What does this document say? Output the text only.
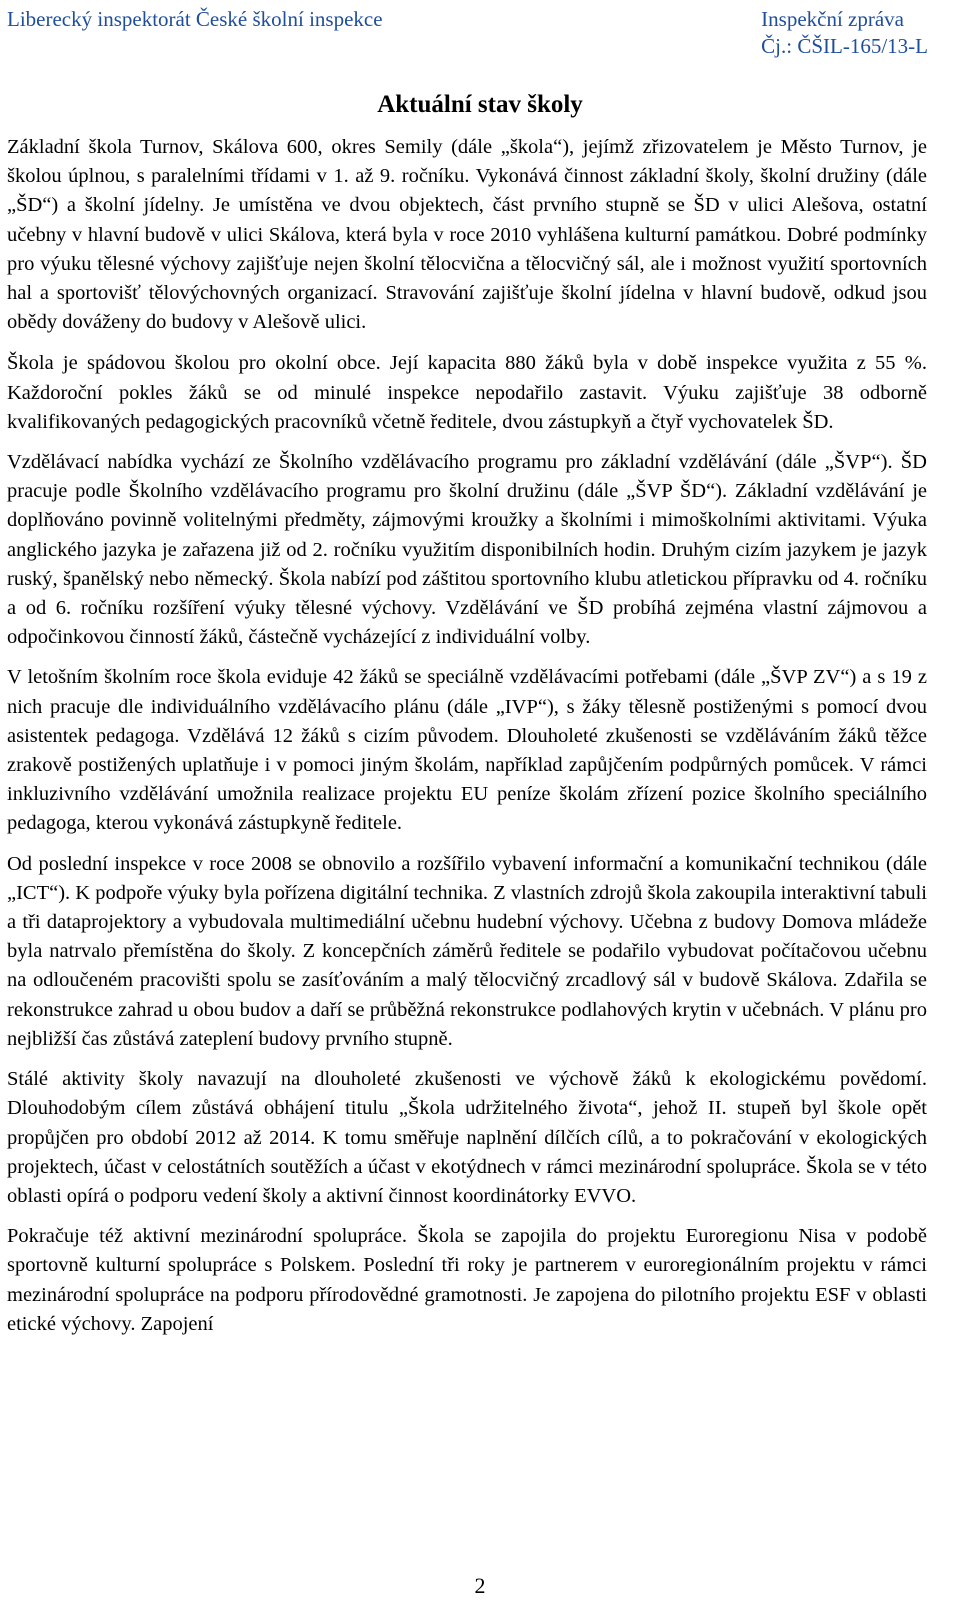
Liberecký inspektorát České školní inspekce	Inspekční zpráva
Čj.: ČŠIL-165/13-L
Aktuální stav školy

Základní škola Turnov, Skálova 600, okres Semily (dále „škola“), jejímž zřizovatelem je Město Turnov, je školou úplnou, s paralelními třídami v 1. až 9. ročníku. Vykonává činnost základní školy, školní družiny (dále „ŠD“) a školní jídelny. Je umístěna ve dvou objektech, část prvního stupně se ŠD v ulici Alešova, ostatní učebny v hlavní budově v ulici Skálova, která byla v roce 2010 vyhlášena kulturní památkou. Dobré podmínky pro výuku tělesné výchovy zajišťuje nejen školní tělocvična a tělocvičný sál, ale i možnost využití sportovních hal a sportovišť tělovýchovných organizací. Stravování zajišťuje školní jídelna v hlavní budově, odkud jsou obědy dováženy do budovy v Alešově ulici.

Škola je spádovou školou pro okolní obce. Její kapacita 880 žáků byla v době inspekce využita z 55 %. Každoroční pokles žáků se od minulé inspekce nepodařilo zastavit. Výuku zajišťuje 38 odborně kvalifikovaných pedagogických pracovníků včetně ředitele, dvou zástupkyň a čtyř vychovatelek ŠD.

Vzdělávací nabídka vychází ze Školního vzdělávacího programu pro základní vzdělávání (dále „ŠVP“). ŠD pracuje podle Školního vzdělávacího programu pro školní družinu (dále „ŠVP ŠD“). Základní vzdělávání je doplňováno povinně volitelnými předměty, zájmovými kroužky a školními i mimoškolními aktivitami. Výuka anglického jazyka je zařazena již od 2. ročníku využitím disponibilních hodin. Druhým cizím jazykem je jazyk ruský, španělský nebo německý. Škola nabízí pod záštitou sportovního klubu atletickou přípravku od 4. ročníku a od 6. ročníku rozšíření výuky tělesné výchovy. Vzdělávání ve ŠD probíhá zejména vlastní zájmovou a odpočinkovou činností žáků, částečně vycházející z individuální volby.

V letošním školním roce škola eviduje 42 žáků se speciálně vzdělávacími potřebami (dále „ŠVP ZV“) a s 19 z nich pracuje dle individuálního vzdělávacího plánu (dále „IVP“), s žáky tělesně postiženými s pomocí dvou asistentek pedagoga. Vzdělává 12 žáků s cizím původem. Dlouholeté zkušenosti se vzděláváním žáků těžce zrakově postižených uplatňuje i v pomoci jiným školám, například zapůjčením podpůrných pomůcek. V rámci inkluzivního vzdělávání umožnila realizace projektu EU peníze školám zřízení pozice školního speciálního pedagoga, kterou vykonává zástupkyně ředitele.

Od poslední inspekce v roce 2008 se obnovilo a rozšířilo vybavení informační a komunikační technikou (dále „ICT“). K podpoře výuky byla pořízena digitální technika. Z vlastních zdrojů škola zakoupila interaktivní tabuli a tři dataprojektory a vybudovala multimediální učebnu hudební výchovy. Učebna z budovy Domova mládeže byla natrvalo přemístěna do školy. Z koncepčních záměrů ředitele se podařilo vybudovat počítačovou učebnu na odloučeném pracovišti spolu se zasíťováním a malý tělocvičný zrcadlový sál v budově Skálova. Zdařila se rekonstrukce zahrad u obou budov a daří se průběžná rekonstrukce podlahových krytin v učebnách. V plánu pro nejbližší čas zůstává zateplení budovy prvního stupně.

Stálé aktivity školy navazují na dlouholeté zkušenosti ve výchově žáků k ekologickému povědomí. Dlouhodobým cílem zůstává obhájení titulu „Škola udržitelného života“, jehož II. stupeň byl škole opět propůjčen pro období 2012 až 2014. K tomu směřuje naplnění dílčích cílů, a to pokračování v ekologických projektech, účast v celostátních soutěžích a účast v ekotýdnech v rámci mezinárodní spolupráce. Škola se v této oblasti opírá o podporu vedení školy a aktivní činnost koordinátorky EVVO.

Pokračuje též aktivní mezinárodní spolupráce. Škola se zapojila do projektu Euroregionu Nisa v podobě sportovně kulturní spolupráce s Polskem. Poslední tři roky je partnerem v euroregionálním projektu v rámci mezinárodní spolupráce na podporu přírodovědné gramotnosti. Je zapojena do pilotního projektu ESF v oblasti etické výchovy. Zapojení

2
